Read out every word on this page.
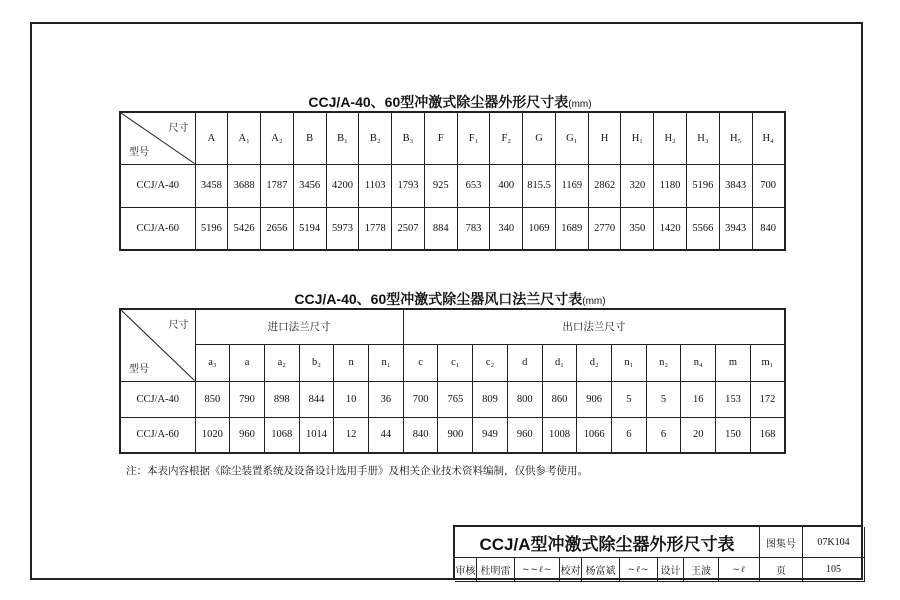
CCJ/A-40、60型冲激式除尘器外形尺寸表(mm)
尺寸
型号	A	A₁	A₂	B	B₁	B₂	B₃	F	F₁	F₂	G	G₁	H	H₁	H₂	H₃	H₅	H₄
CCJ/A-40	3458	3688	1787	3456	4200	1103	1793	925	653	400	815.5	1169	2862	320	1180	5196	3843	700
CCJ/A-60	5196	5426	2656	5194	5973	1778	2507	884	783	340	1069	1689	2770	350	1420	5566	3943	840
CCJ/A-40、60型冲激式除尘器风口法兰尺寸表(mm)
尺寸
型号	进口法兰尺寸						出口法兰尺寸										
	a₃	a	a₂	b₂	n	n₁	c	c₁	c₂	d	d₁	d₂	n₁	n₂	n₄	m	m₁
CCJ/A-40	850	790	898	844	10	36	700	765	809	800	860	906	5	5	16	153	172
CCJ/A-60	1020	960	1068	1014	12	44	840	900	949	960	1008	1066	6	6	20	150	168
注：本表内容根据《除尘装置系统及设备设计选用手册》及相关企业技术资料编制，仅供参考使用。
CCJ/A型冲激式除尘器外形尺寸表	图集号	07K104
审核 杜明雷	~~ℓ~ 校对 杨富斌	~ℓ~ 设计	王波	~ℓ	页	105
